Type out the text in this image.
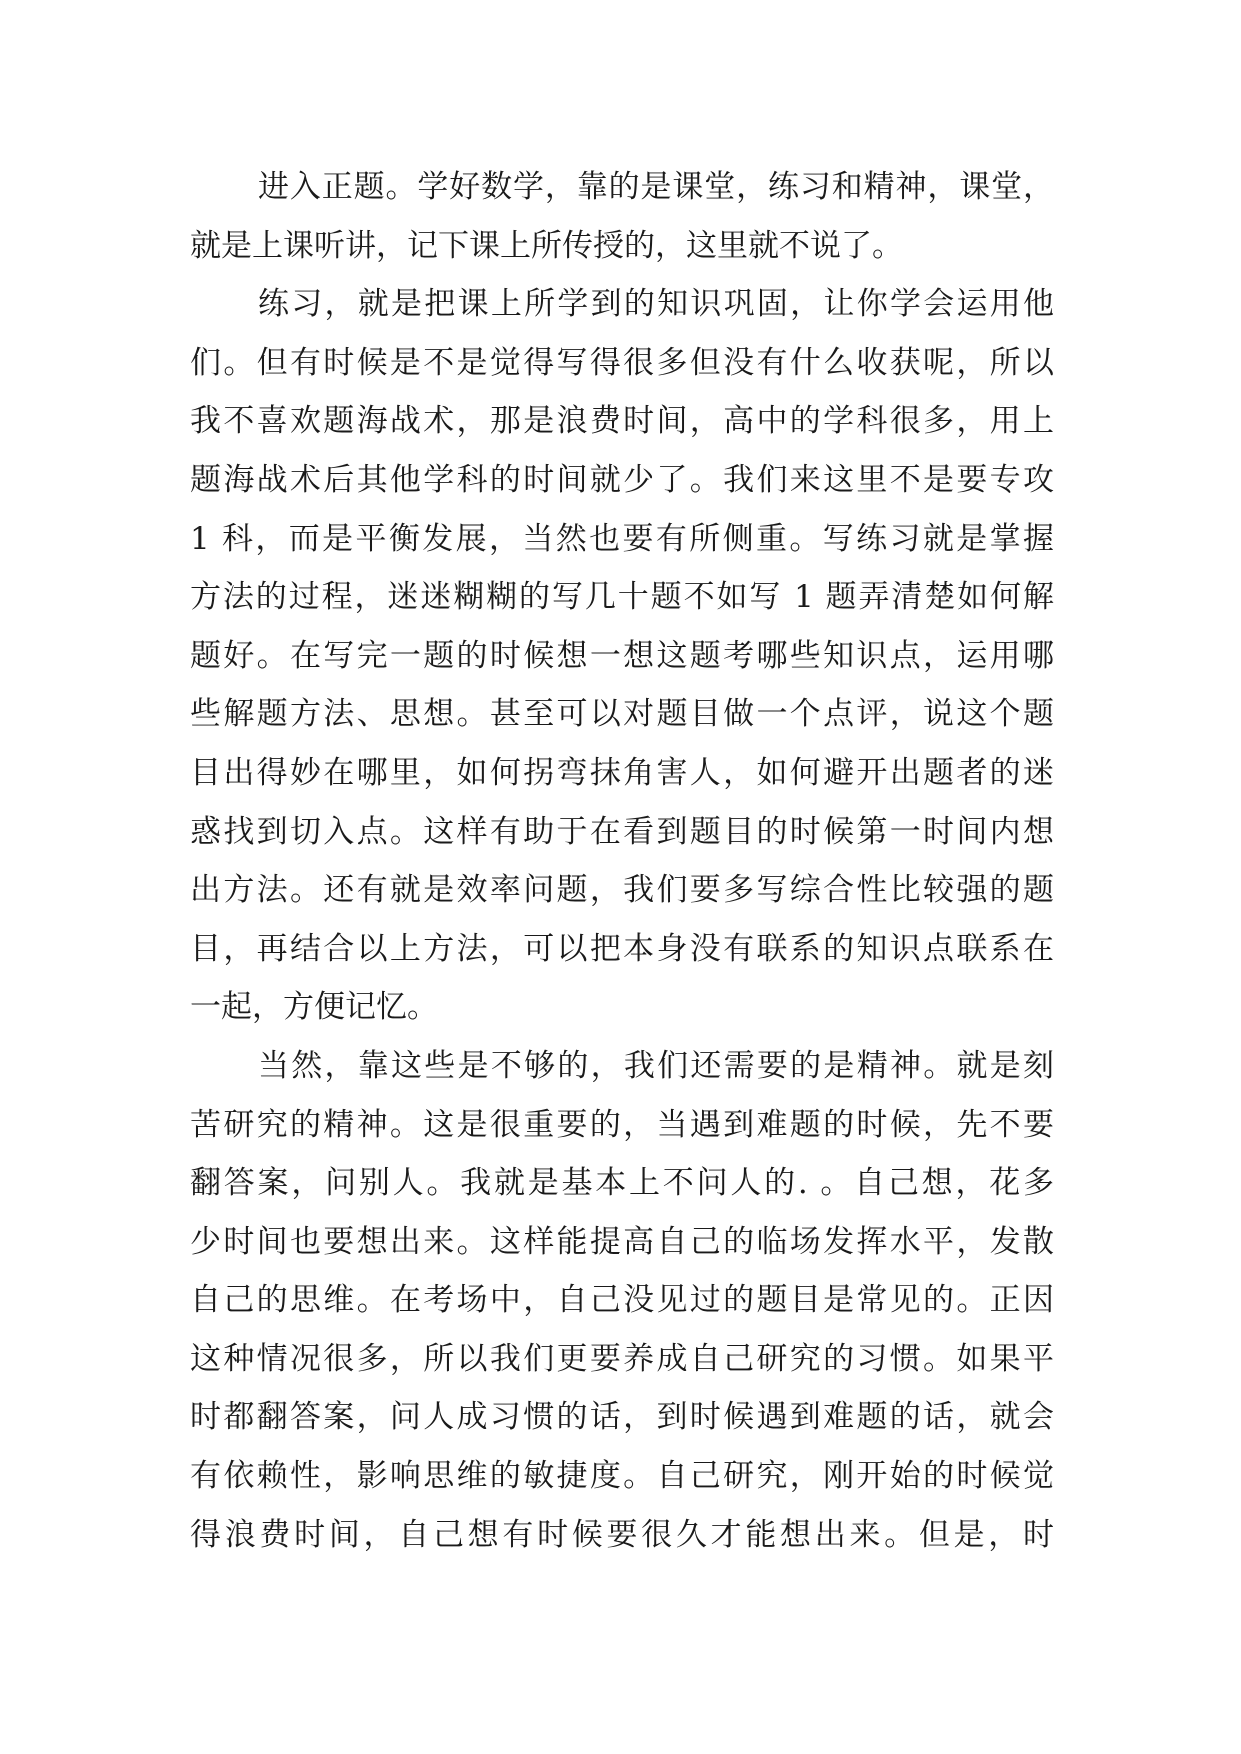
进入正题。学好数学，靠的是课堂，练习和精神，课堂，
就是上课听讲，记下课上所传授的，这里就不说了。
练习，就是把课上所学到的知识巩固，让你学会运用他
们。但有时候是不是觉得写得很多但没有什么收获呢，所以
我不喜欢题海战术，那是浪费时间，高中的学科很多，用上
题海战术后其他学科的时间就少了。我们来这里不是要专攻
1 科，而是平衡发展，当然也要有所侧重。写练习就是掌握
方法的过程，迷迷糊糊的写几十题不如写 1 题弄清楚如何解
题好。在写完一题的时候想一想这题考哪些知识点，运用哪
些解题方法、思想。甚至可以对题目做一个点评，说这个题
目出得妙在哪里，如何拐弯抹角害人，如何避开出题者的迷
惑找到切入点。这样有助于在看到题目的时候第一时间内想
出方法。还有就是效率问题，我们要多写综合性比较强的题
目，再结合以上方法，可以把本身没有联系的知识点联系在
一起，方便记忆。
当然，靠这些是不够的，我们还需要的是精神。就是刻
苦研究的精神。这是很重要的，当遇到难题的时候，先不要
翻答案，问别人。我就是基本上不问人的. 。自己想，花多
少时间也要想出来。这样能提高自己的临场发挥水平，发散
自己的思维。在考场中，自己没见过的题目是常见的。正因
这种情况很多，所以我们更要养成自己研究的习惯。如果平
时都翻答案，问人成习惯的话，到时候遇到难题的话，就会
有依赖性，影响思维的敏捷度。自己研究，刚开始的时候觉
得浪费时间，自己想有时候要很久才能想出来。但是，时
